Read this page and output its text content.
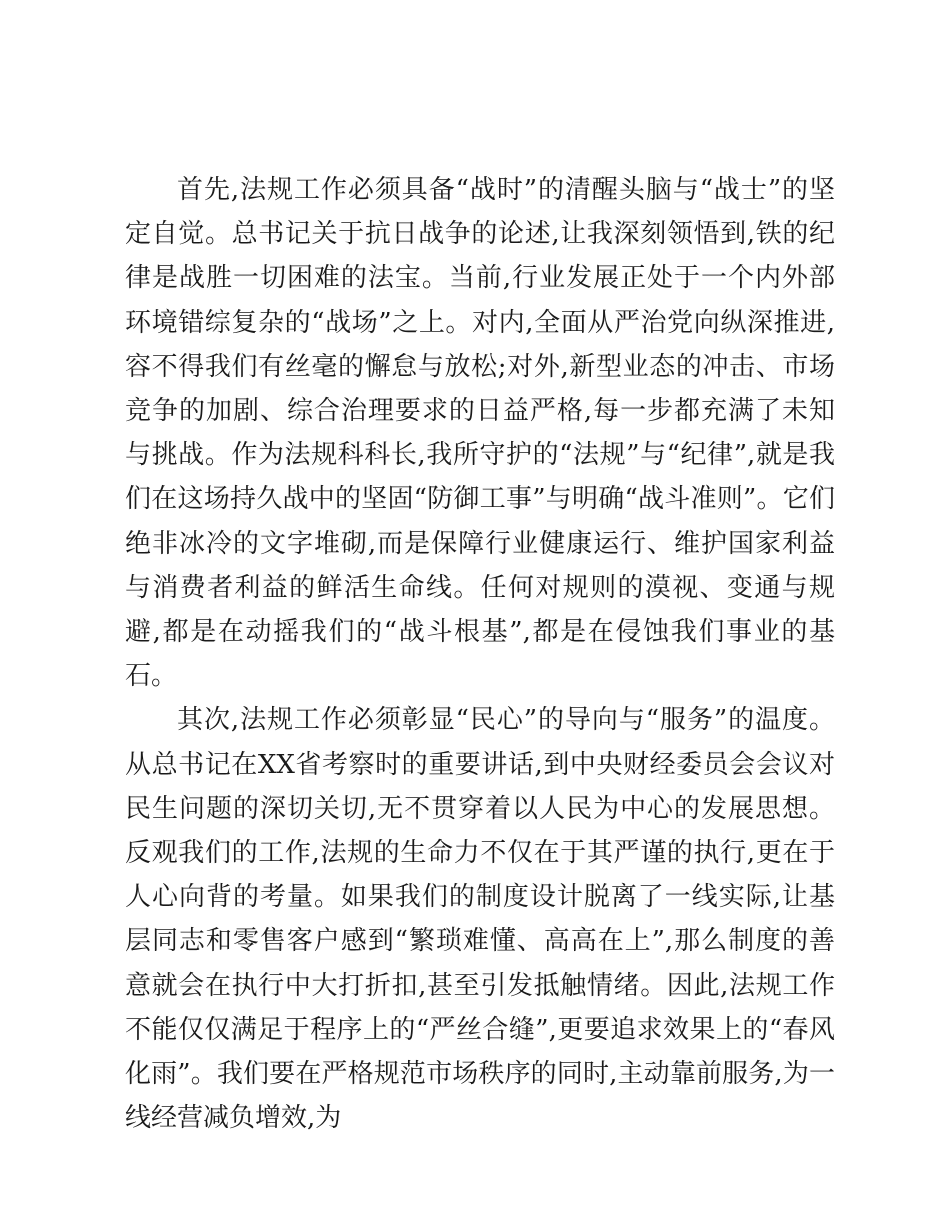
首先,法规工作必须具备“战时”的清醒头脑与“战士”的坚定自觉。总书记关于抗日战争的论述,让我深刻领悟到,铁的纪律是战胜一切困难的法宝。当前,行业发展正处于一个内外部环境错综复杂的“战场”之上。对内,全面从严治党向纵深推进,容不得我们有丝毫的懈怠与放松;对外,新型业态的冲击、市场竞争的加剧、综合治理要求的日益严格,每一步都充满了未知与挑战。作为法规科科长,我所守护的“法规”与“纪律”,就是我们在这场持久战中的坚固“防御工事”与明确“战斗准则”。它们绝非冰冷的文字堆砌,而是保障行业健康运行、维护国家利益与消费者利益的鲜活生命线。任何对规则的漠视、变通与规避,都是在动摇我们的“战斗根基”,都是在侵蚀我们事业的基石。

其次,法规工作必须彰显“民心”的导向与“服务”的温度。从总书记在XX省考察时的重要讲话,到中央财经委员会会议对民生问题的深切关切,无不贯穿着以人民为中心的发展思想。反观我们的工作,法规的生命力不仅在于其严谨的执行,更在于人心向背的考量。如果我们的制度设计脱离了一线实际,让基层同志和零售客户感到“繁琐难懂、高高在上”,那么制度的善意就会在执行中大打折扣,甚至引发抵触情绪。因此,法规工作不能仅仅满足于程序上的“严丝合缝”,更要追求效果上的“春风化雨”。我们要在严格规范市场秩序的同时,主动靠前服务,为一线经营减负增效,为
